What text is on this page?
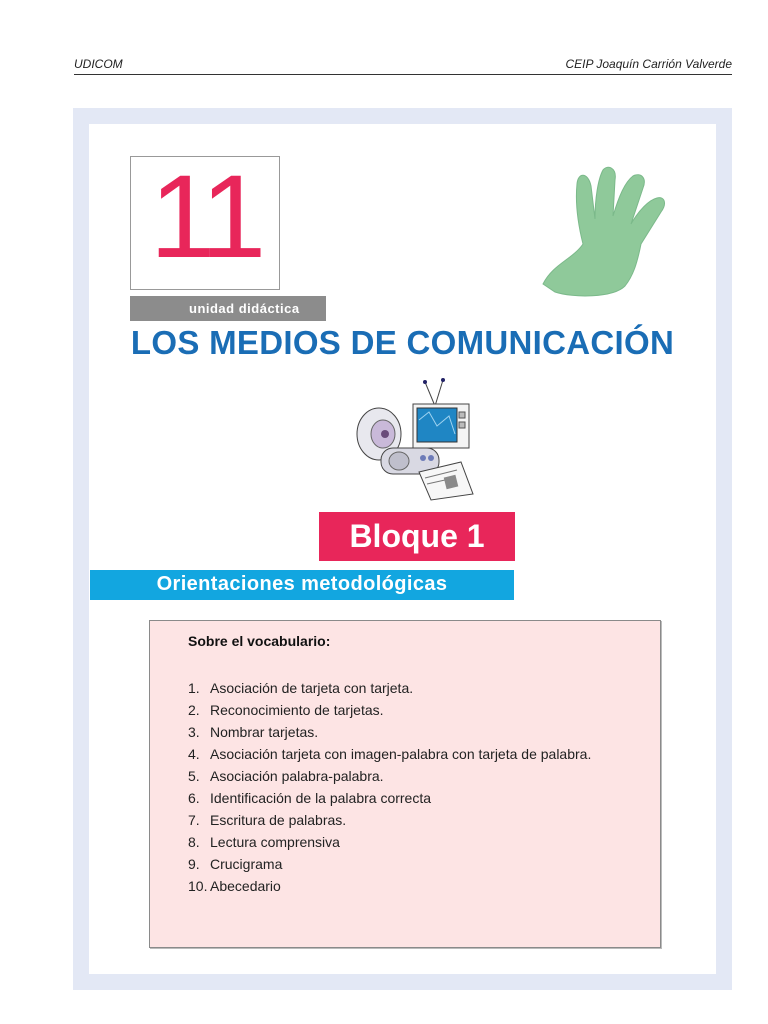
UDICOM	CEIP Joaquín Carrión Valverde
11
unidad didáctica
LOS MEDIOS DE COMUNICACIÓN
Bloque 1
Orientaciones metodológicas
Sobre el vocabulario:
1. Asociación de tarjeta con tarjeta.
2. Reconocimiento de tarjetas.
3. Nombrar tarjetas.
4. Asociación tarjeta con imagen-palabra con tarjeta de palabra.
5. Asociación palabra-palabra.
6. Identificación de la palabra correcta
7. Escritura de palabras.
8. Lectura comprensiva
9. Crucigrama
10. Abecedario
